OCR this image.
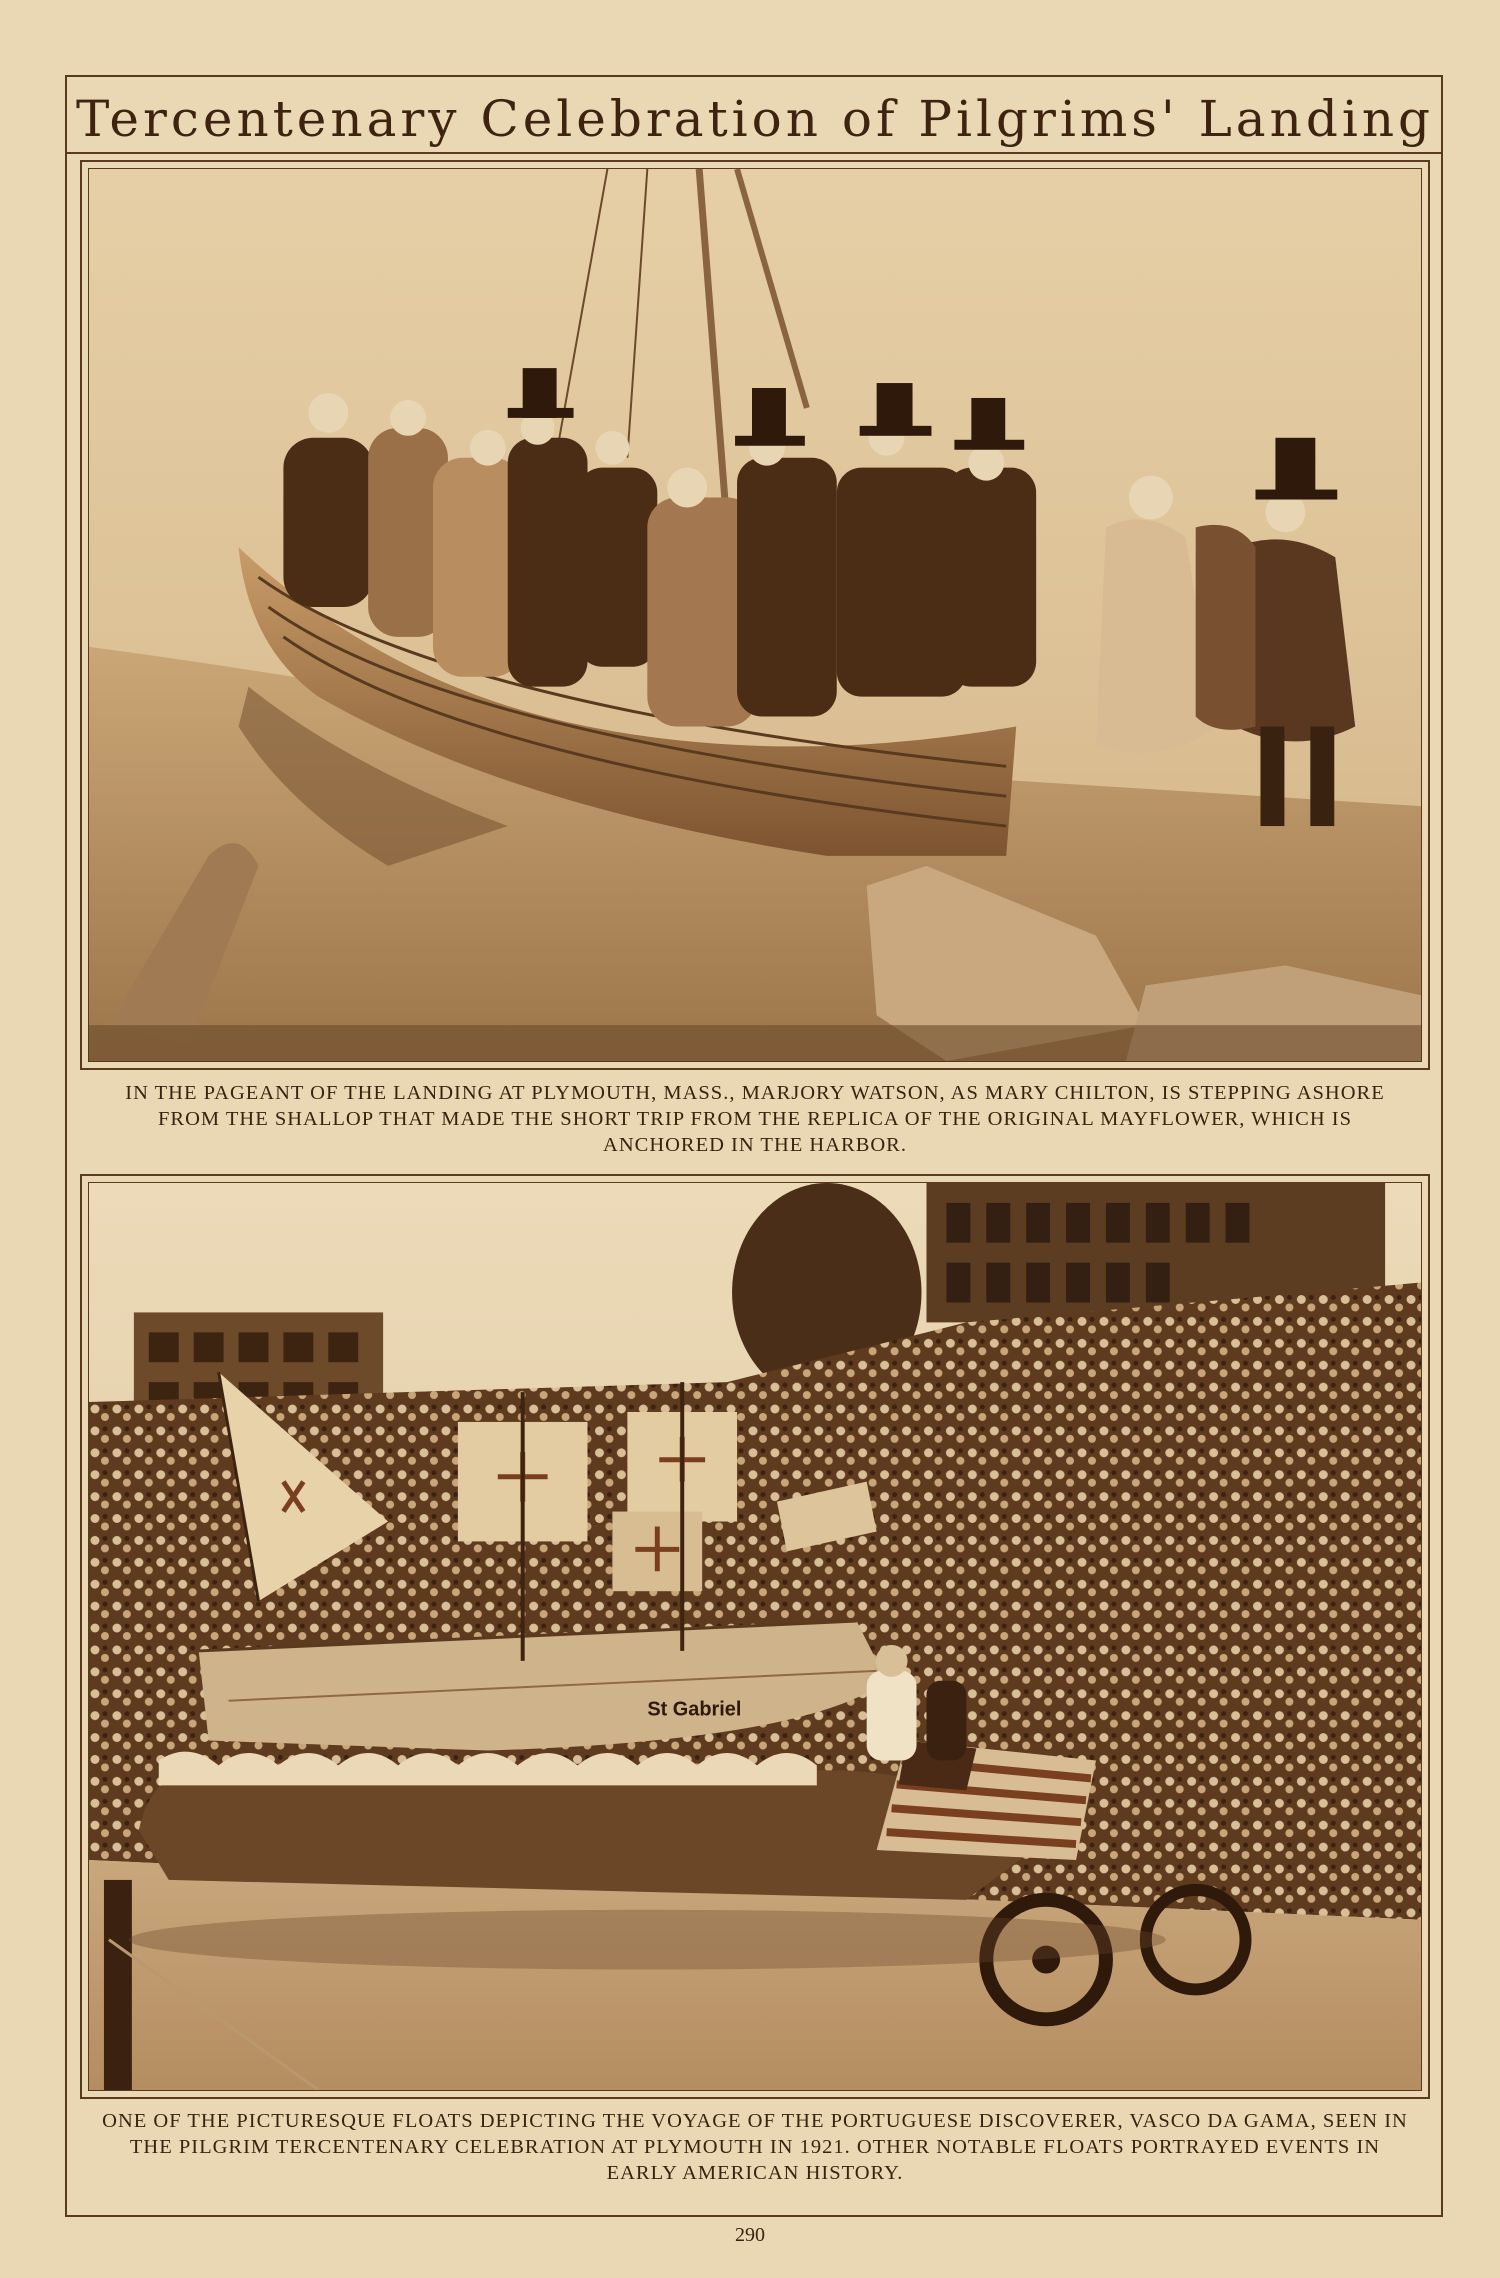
Tercentenary Celebration of Pilgrims' Landing

IN THE PAGEANT OF THE LANDING AT PLYMOUTH, MASS., MARJORY WATSON, AS MARY CHILTON, IS STEPPING ASHORE FROM THE SHALLOP THAT MADE THE SHORT TRIP FROM THE REPLICA OF THE ORIGINAL MAYFLOWER, WHICH IS ANCHORED IN THE HARBOR.

St Gabriel

ONE OF THE PICTURESQUE FLOATS DEPICTING THE VOYAGE OF THE PORTUGUESE DISCOVERER, VASCO DA GAMA, SEEN IN THE PILGRIM TERCENTENARY CELEBRATION AT PLYMOUTH IN 1921. OTHER NOTABLE FLOATS PORTRAYED EVENTS IN EARLY AMERICAN HISTORY.

290
